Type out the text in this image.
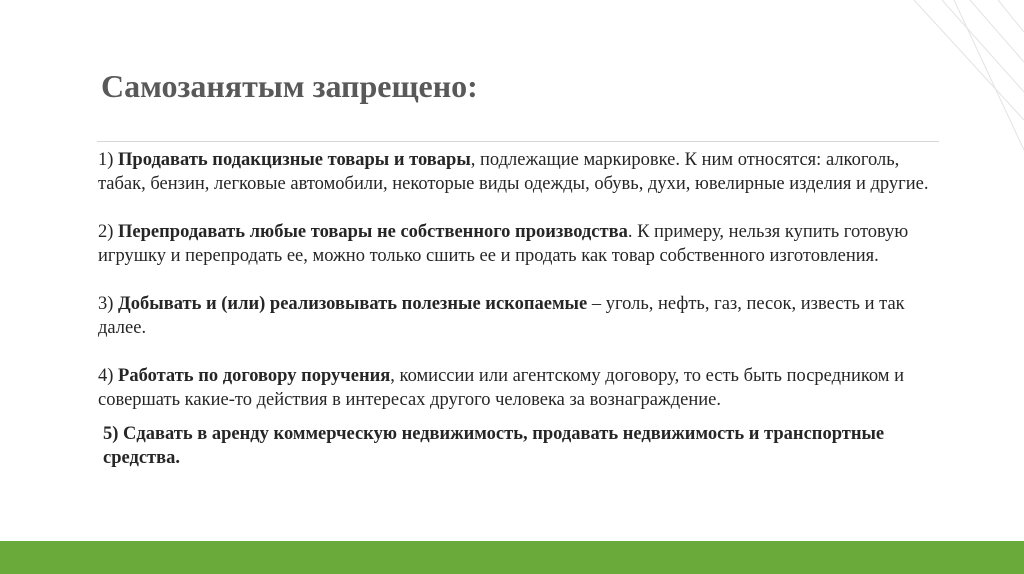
Самозанятым запрещено:

1) Продавать подакцизные товары и товары, подлежащие маркировке. К ним относятся: алкоголь, табак, бензин, легковые автомобили, некоторые виды одежды, обувь, духи, ювелирные изделия и другие.

2) Перепродавать любые товары не собственного производства. К примеру, нельзя купить готовую игрушку и перепродать ее, можно только сшить ее и продать как товар собственного изготовления.

3) Добывать и (или) реализовывать полезные ископаемые – уголь, нефть, газ, песок, известь и так далее.

4) Работать по договору поручения, комиссии или агентскому договору, то есть быть посредником и совершать какие-то действия в интересах другого человека за вознаграждение.

5) Сдавать в аренду коммерческую недвижимость, продавать недвижимость и транспортные средства.
